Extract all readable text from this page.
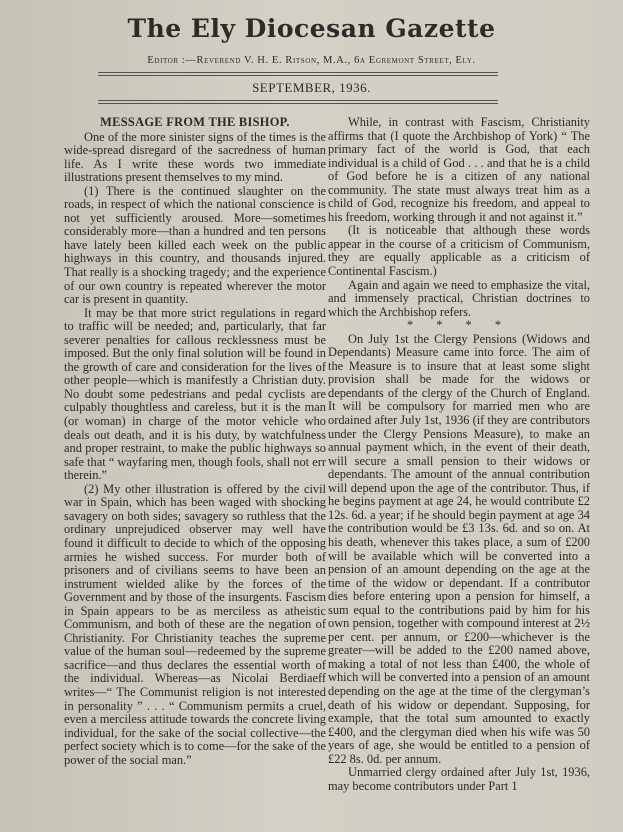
The Ely Diocesan Gazette
Editor :—Reverend V. H. E. Ritson, M.A., 6a Egremont Street, Ely.
SEPTEMBER, 1936.
MESSAGE FROM THE BISHOP.

One of the more sinister signs of the times is the wide-spread disregard of the sacredness of human life. As I write these words two immediate illustrations present themselves to my mind.

(1) There is the continued slaughter on the roads, in respect of which the national conscience is not yet sufficiently aroused. More—sometimes considerably more—than a hundred and ten persons have lately been killed each week on the public highways in this country, and thousands injured. That really is a shocking tragedy; and the experience of our own country is repeated wherever the motor car is present in quantity.

It may be that more strict regulations in regard to traffic will be needed; and, particularly, that far severer penalties for callous recklessness must be imposed. But the only final solution will be found in the growth of care and consideration for the lives of other people—which is manifestly a Christian duty. No doubt some pedestrians and pedal cyclists are culpably thoughtless and careless, but it is the man (or woman) in charge of the motor vehicle who deals out death, and it is his duty, by watchfulness and proper restraint, to make the public highways so safe that “ wayfaring men, though fools, shall not err therein.”

(2) My other illustration is offered by the civil war in Spain, which has been waged with shocking savagery on both sides; savagery so ruthless that the ordinary unprejudiced observer may well have found it difficult to decide to which of the opposing armies he wished success. For murder both of prisoners and of civilians seems to have been an instrument wielded alike by the forces of the Government and by those of the insurgents. Fascism in Spain appears to be as merciless as atheistic Communism, and both of these are the negation of Christianity. For Christianity teaches the supreme value of the human soul—redeemed by the supreme sacrifice—and thus declares the essential worth of the individual. Whereas—as Nicolai Berdiaeff writes—“ The Communist religion is not interested in personality ” . . . “ Communism permits a cruel, even a merciless attitude towards the concrete living individual, for the sake of the social collective—the perfect society which is to come—for the sake of the power of the social man.”

While, in contrast with Fascism, Christianity affirms that (I quote the Archbishop of York) “ The primary fact of the world is God, that each individual is a child of God . . . and that he is a child of God before he is a citizen of any national community. The state must always treat him as a child of God, recognize his freedom, and appeal to his freedom, working through it and not against it.”

(It is noticeable that although these words appear in the course of a criticism of Communism, they are equally applicable as a criticism of Continental Fascism.)

Again and again we need to emphasize the vital, and immensely practical, Christian doctrines to which the Archbishop refers.

* * * *

On July 1st the Clergy Pensions (Widows and Dependants) Measure came into force. The aim of the Measure is to insure that at least some slight provision shall be made for the widows or dependants of the clergy of the Church of England. It will be compulsory for married men who are ordained after July 1st, 1936 (if they are contributors under the Clergy Pensions Measure), to make an annual payment which, in the event of their death, will secure a small pension to their widows or dependants. The amount of the annual contribution will depend upon the age of the contributor. Thus, if he begins payment at age 24, he would contribute £2 12s. 6d. a year; if he should begin payment at age 34 the contribution would be £3 13s. 6d. and so on. At his death, whenever this takes place, a sum of £200 will be available which will be converted into a pension of an amount depending on the age at the time of the widow or dependant. If a contributor dies before entering upon a pension for himself, a sum equal to the contributions paid by him for his own pension, together with compound interest at 2½ per cent. per annum, or £200—whichever is the greater—will be added to the £200 named above, making a total of not less than £400, the whole of which will be converted into a pension of an amount depending on the age at the time of the clergyman’s death of his widow or dependant. Supposing, for example, that the total sum amounted to exactly £400, and the clergyman died when his wife was 50 years of age, she would be entitled to a pension of £22 8s. 0d. per annum.

Unmarried clergy ordained after July 1st, 1936, may become contributors under Part 1
